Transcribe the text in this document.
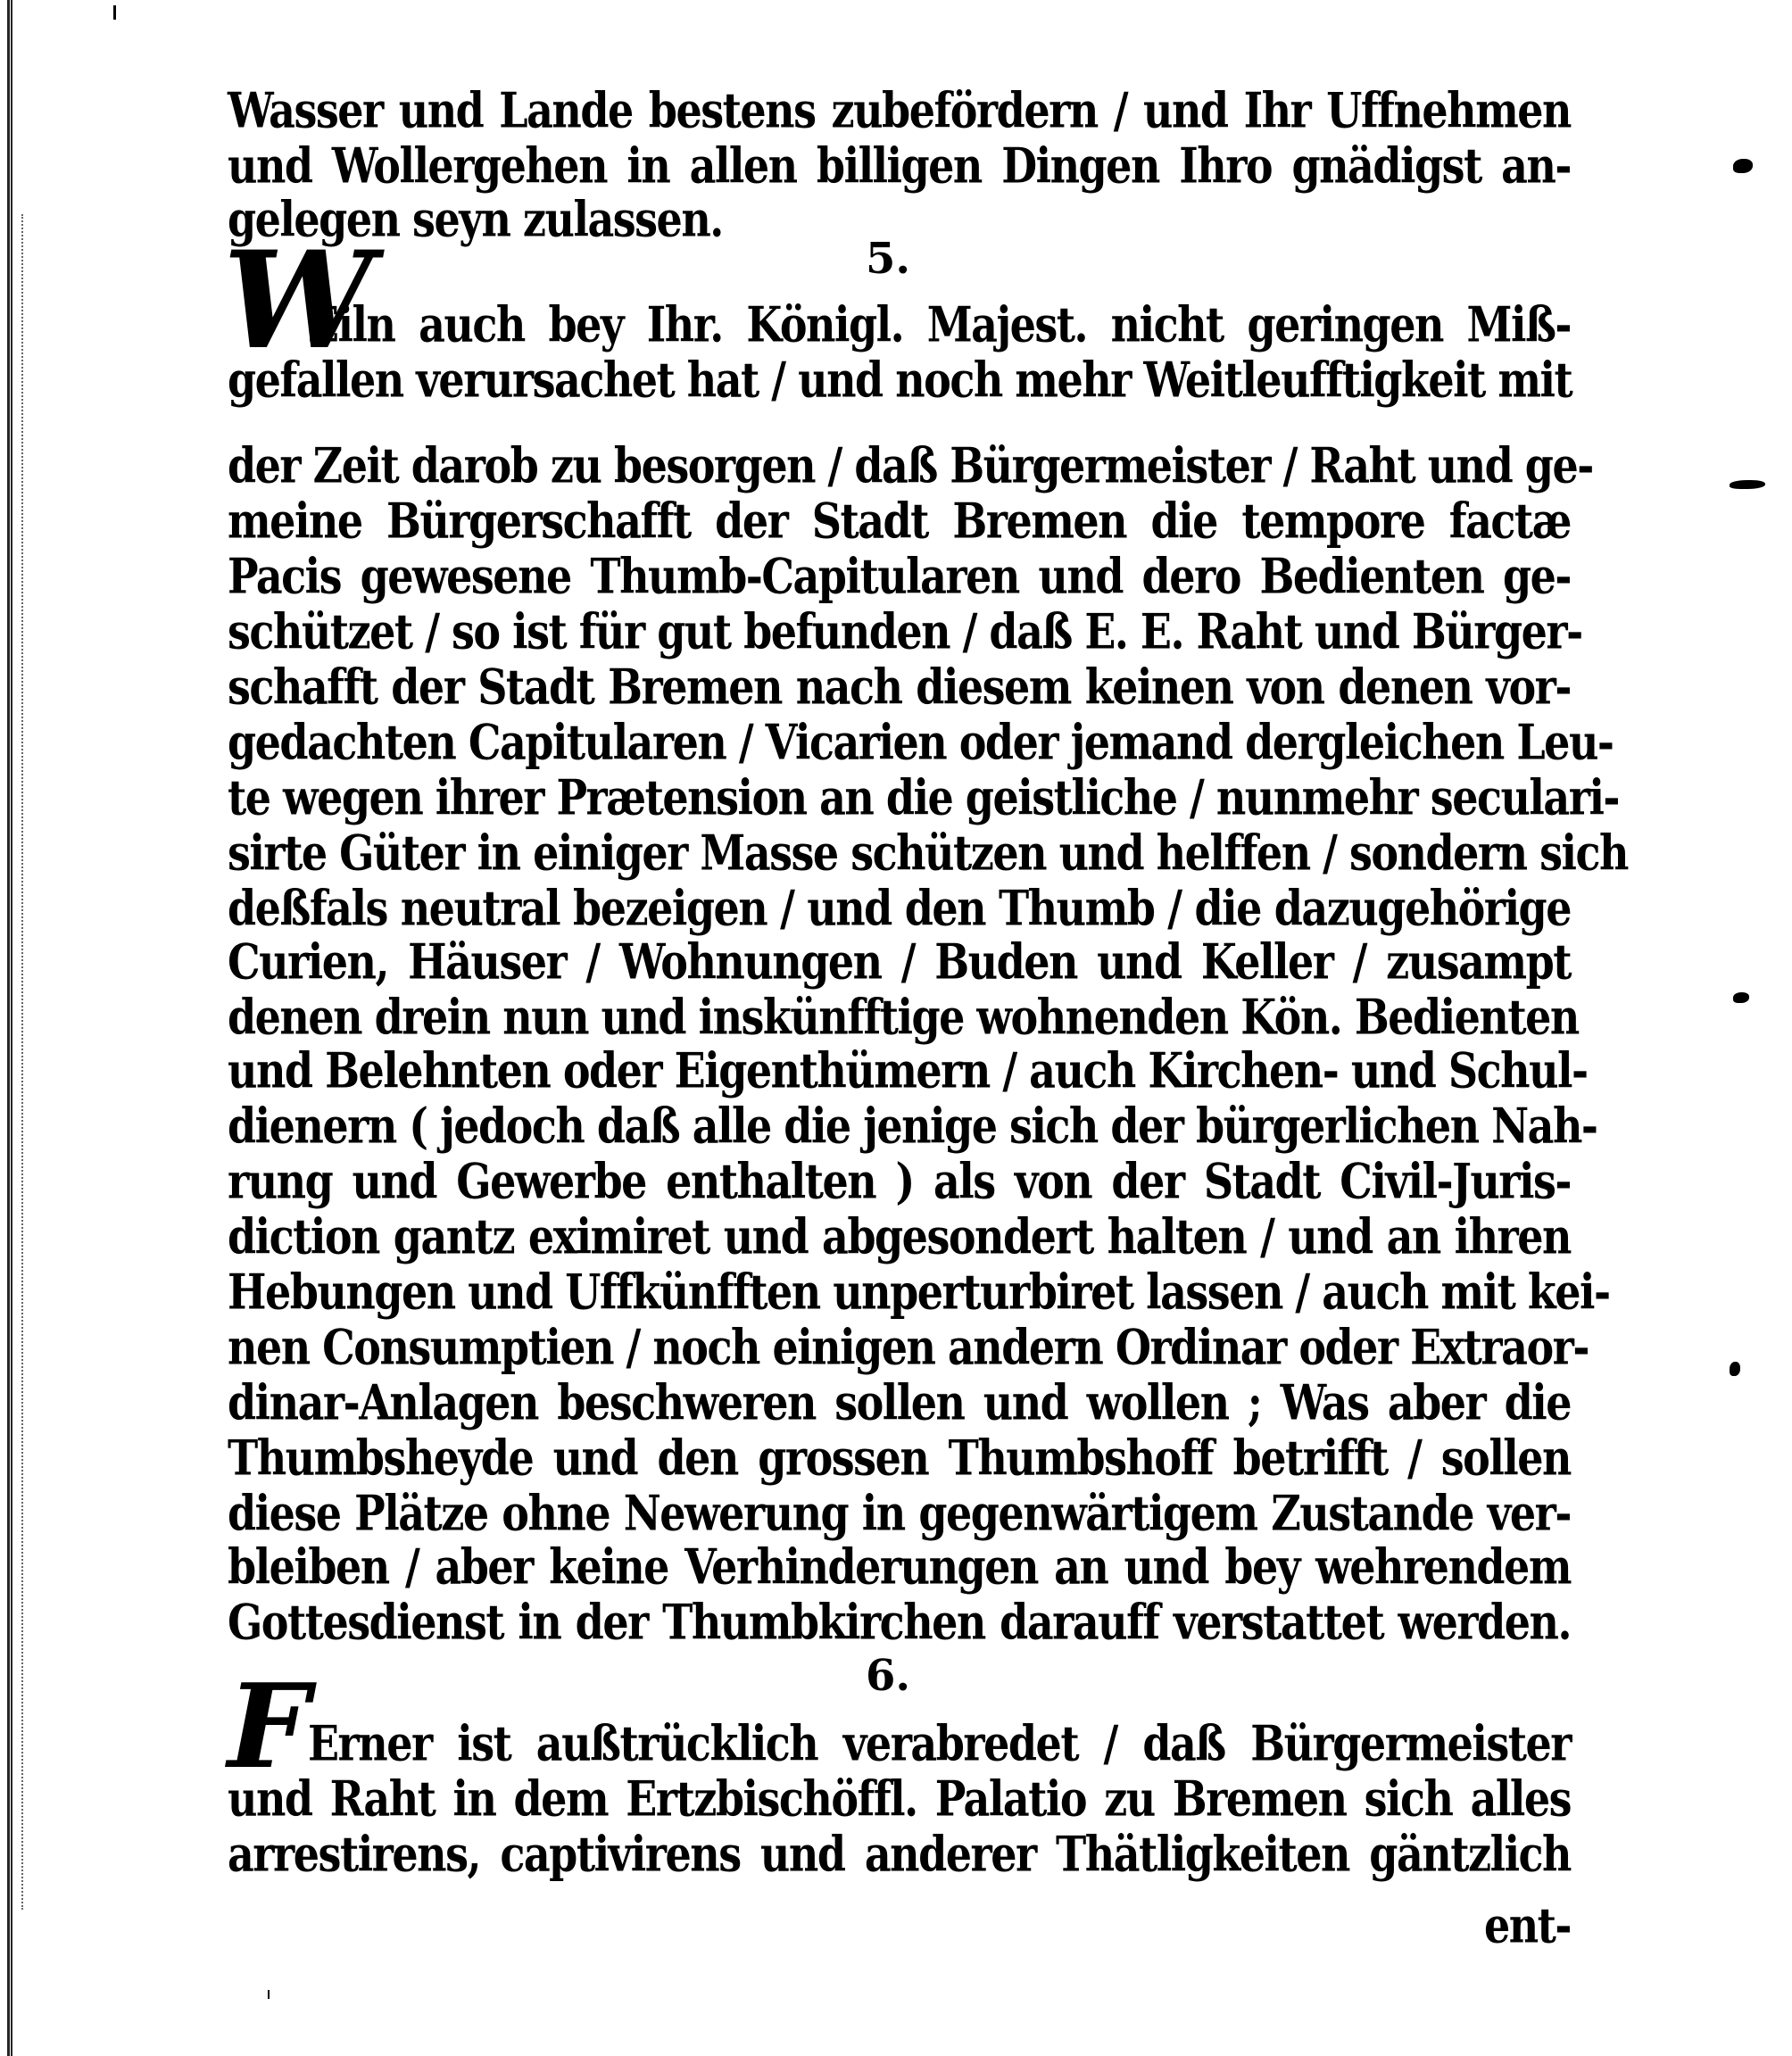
Wasser und Lande bestens zubefördern / und Ihr Uffnehmen
und Wollergehen in allen billigen Dingen Ihro gnädigst an-
gelegen seyn zulassen.
5.
W
Eiln auch bey Ihr. Königl. Majest. nicht geringen Miß-
gefallen verursachet hat / und noch mehr Weitleufftigkeit mit
der Zeit darob zu besorgen / daß Bürgermeister / Raht und ge-
meine Bürgerschafft der Stadt Bremen die tempore factæ
Pacis gewesene Thumb-Capitularen und dero Bedienten ge-
schützet / so ist für gut befunden / daß E. E. Raht und Bürger-
schafft der Stadt Bremen nach diesem keinen von denen vor-
gedachten Capitularen / Vicarien oder jemand dergleichen Leu-
te wegen ihrer Prætension an die geistliche / nunmehr seculari-
sirte Güter in einiger Masse schützen und helffen / sondern sich
deßfals neutral bezeigen / und den Thumb / die dazugehörige
Curien, Häuser / Wohnungen / Buden und Keller / zusampt
denen drein nun und inskünfftige wohnenden Kön. Bedienten
und Belehnten oder Eigenthümern / auch Kirchen- und Schul-
dienern ( jedoch daß alle die jenige sich der bürgerlichen Nah-
rung und Gewerbe enthalten ) als von der Stadt Civil-Juris-
diction gantz eximiret und abgesondert halten / und an ihren
Hebungen und Uffkünfften unperturbiret lassen / auch mit kei-
nen Consumptien / noch einigen andern Ordinar oder Extraor-
dinar-Anlagen beschweren sollen und wollen ; Was aber die
Thumbsheyde und den grossen Thumbshoff betrifft / sollen
diese Plätze ohne Newerung in gegenwärtigem Zustande ver-
bleiben / aber keine Verhinderungen an und bey wehrendem
Gottesdienst in der Thumbkirchen darauff verstattet werden.
6.
F
Erner ist außtrücklich verabredet / daß Bürgermeister
und Raht in dem Ertzbischöffl. Palatio zu Bremen sich alles
arrestirens, captivirens und anderer Thätligkeiten gäntzlich
ent-
